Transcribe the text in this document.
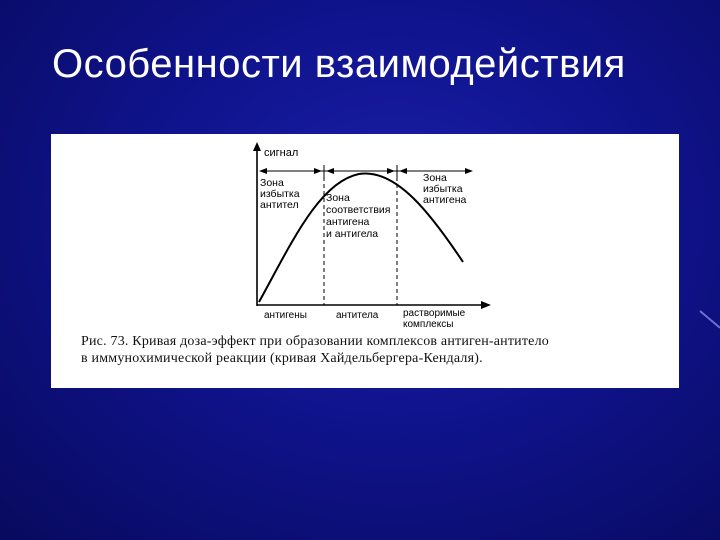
Особенности взаимодействия
сигнал
Зона избытка антител
Зона соответствия антигена и антигела
Зона избытка антигена
антигены	антитела растворимые комплексы
Рис. 73. Кривая доза-эффект при образовании комплексов антиген-антитело
в иммунохимической реакции (кривая Хайдельбергера-Кендаля).
